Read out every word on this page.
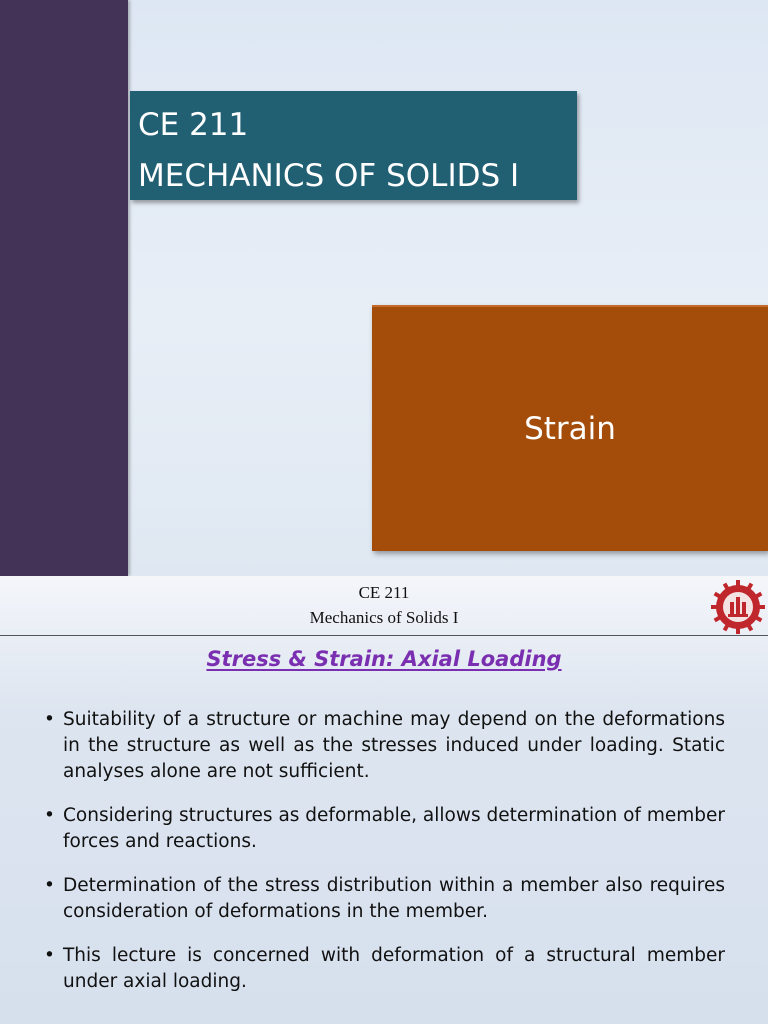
CE 211
MECHANICS OF SOLIDS I
Strain
CE 211
Mechanics of Solids I
Stress & Strain: Axial Loading
• Suitability of a structure or machine may depend on the deformations in the structure as well as the stresses induced under loading. Static analyses alone are not sufficient.
• Considering structures as deformable, allows determination of member forces and reactions.
• Determination of the stress distribution within a member also requires consideration of deformations in the member.
• This lecture is concerned with deformation of a structural member under axial loading.
